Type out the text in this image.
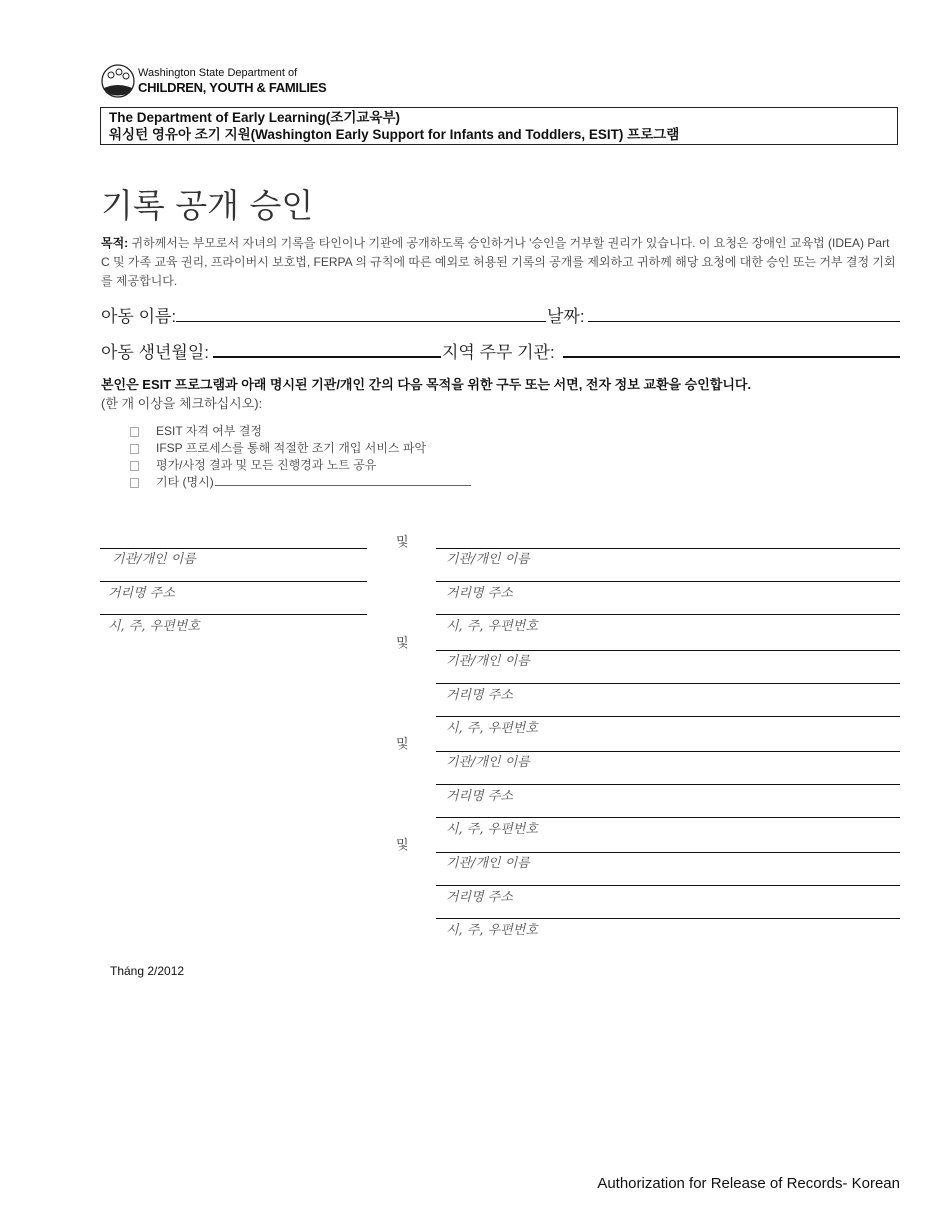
Washington State Department of
CHILDREN, YOUTH & FAMILIES
The Department of Early Learning(조기교육부)
워싱턴 영유아 조기 지원(Washington Early Support for Infants and Toddlers, ESIT) 프로그램
기록 공개 승인
목적: 귀하께서는 부모로서 자녀의 기록을 타인이나 기관에 공개하도록 승인하거나 '승인을 거부할 권리가 있습니다. 이 요청은 장애인 교육법 (IDEA) Part C 및 가족 교육 권리, 프라이버시 보호법, FERPA 의 규칙에 따른 예외로 허용된 기록의 공개를 제외하고 귀하께 해당 요청에 대한 승인 또는 거부 결정 기회를 제공합니다.
아동 이름:	날짜:
아동 생년월일:	지역 주무 기관:
본인은 ESIT 프로그램과 아래 명시된 기관/개인 간의 다음 목적을 위한 구두 또는 서면, 전자 정보 교환을 승인합니다.
(한 개 이상을 체크하십시오):
ESIT 자격 여부 결정
IFSP 프로세스를 통해 적절한 조기 개입 서비스 파악
평가/사정 결과 및 모든 진행경과 노트 공유
기타 (명시)
기관/개인 이름
거리명 주소
시, 주, 우편번호
및
및
및
및
기관/개인 이름
거리명 주소
시, 주, 우편번호
기관/개인 이름
거리명 주소
시, 주, 우편번호
기관/개인 이름
거리명 주소
시, 주, 우편번호
기관/개인 이름
거리명 주소
시, 주, 우편번호
Tháng 2/2012
Authorization for Release of Records- Korean
